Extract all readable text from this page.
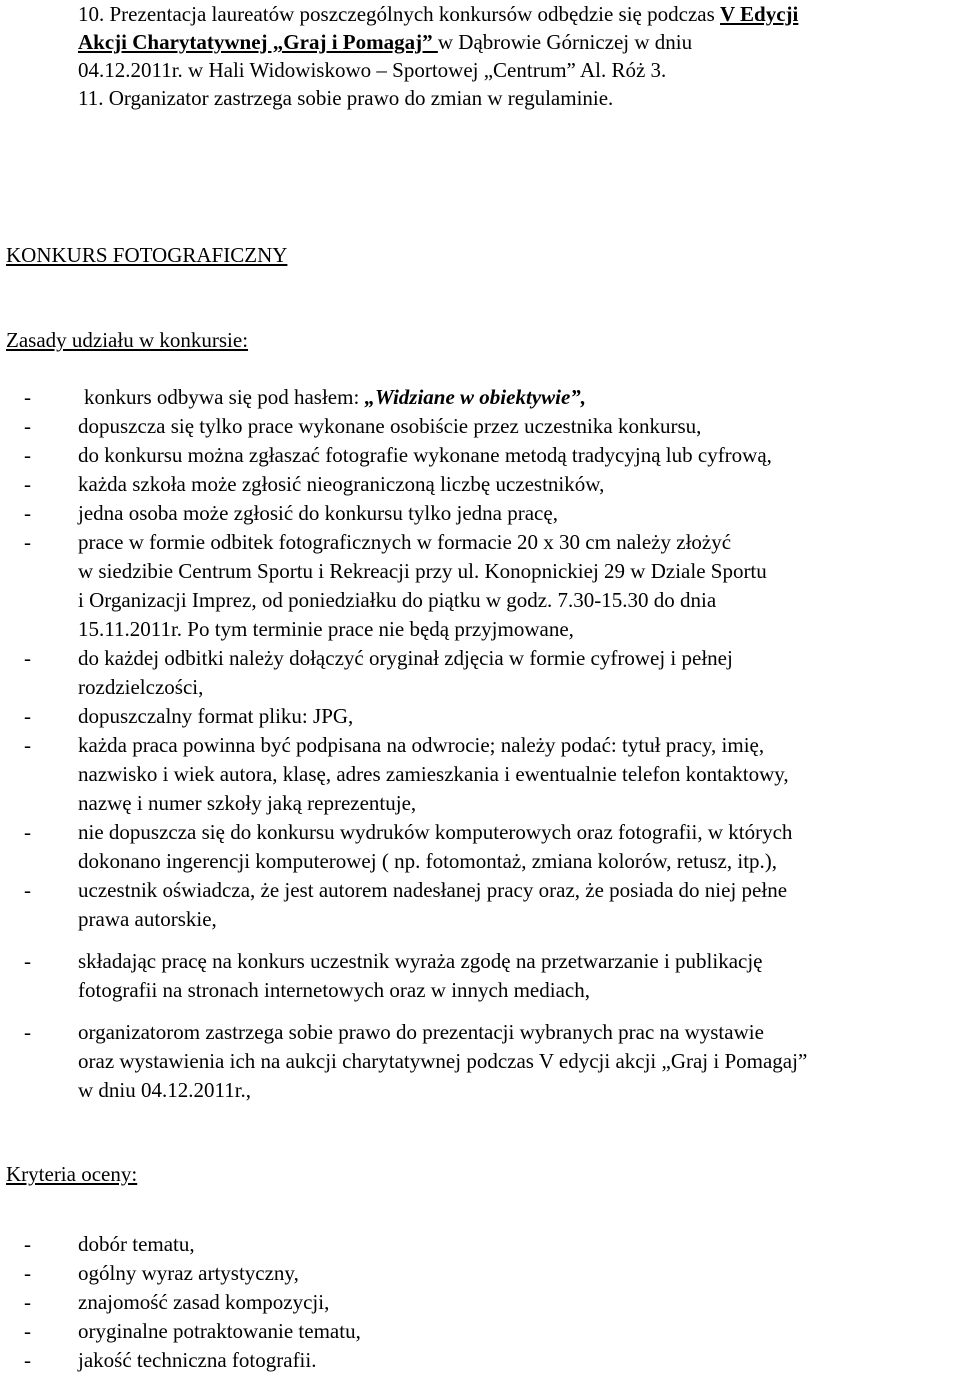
10. Prezentacja laureatów poszczególnych konkursów odbędzie się podczas V Edycji
Akcji Charytatywnej „Graj i Pomagaj” w Dąbrowie Górniczej w dniu
04.12.2011r. w Hali Widowiskowo – Sportowej „Centrum” Al. Róż 3.
11. Organizator zastrzega sobie prawo do zmian w regulaminie.
KONKURS FOTOGRAFICZNY
Zasady udziału w konkursie:
-	konkurs odbywa się pod hasłem: „Widziane w obiektywie”,
- dopuszcza się tylko prace wykonane osobiście przez uczestnika konkursu,
- do konkursu można zgłaszać fotografie wykonane metodą tradycyjną lub cyfrową,
- każda szkoła może zgłosić nieograniczoną liczbę uczestników,
- jedna osoba może zgłosić do konkursu tylko jedna pracę,
- prace w formie odbitek fotograficznych w formacie 20 x 30 cm należy złożyć
w siedzibie Centrum Sportu i Rekreacji przy ul. Konopnickiej 29 w Dziale Sportu
i Organizacji Imprez, od poniedziałku do piątku w godz. 7.30-15.30 do dnia
15.11.2011r. Po tym terminie prace nie będą przyjmowane,
- do każdej odbitki należy dołączyć oryginał zdjęcia w formie cyfrowej i pełnej
rozdzielczości,
- dopuszczalny format pliku: JPG,
- każda praca powinna być podpisana na odwrocie; należy podać: tytuł pracy, imię,
nazwisko i wiek autora, klasę, adres zamieszkania i ewentualnie telefon kontaktowy,
nazwę i numer szkoły jaką reprezentuje,
- nie dopuszcza się do konkursu wydruków komputerowych oraz fotografii, w których
dokonano ingerencji komputerowej ( np. fotomontaż, zmiana kolorów, retusz, itp.),
- uczestnik oświadcza, że jest autorem nadesłanej pracy oraz, że posiada do niej pełne
prawa autorskie,
- składając pracę na konkurs uczestnik wyraża zgodę na przetwarzanie i publikację
fotografii na stronach internetowych oraz w innych mediach,
- organizatorom zastrzega sobie prawo do prezentacji wybranych prac na wystawie
oraz wystawienia ich na aukcji charytatywnej podczas V edycji akcji „Graj i Pomagaj”
w dniu 04.12.2011r.,
Kryteria oceny:
- dobór tematu,
- ogólny wyraz artystyczny,
- znajomość zasad kompozycji,
- oryginalne potraktowanie tematu,
- jakość techniczna fotografii.
